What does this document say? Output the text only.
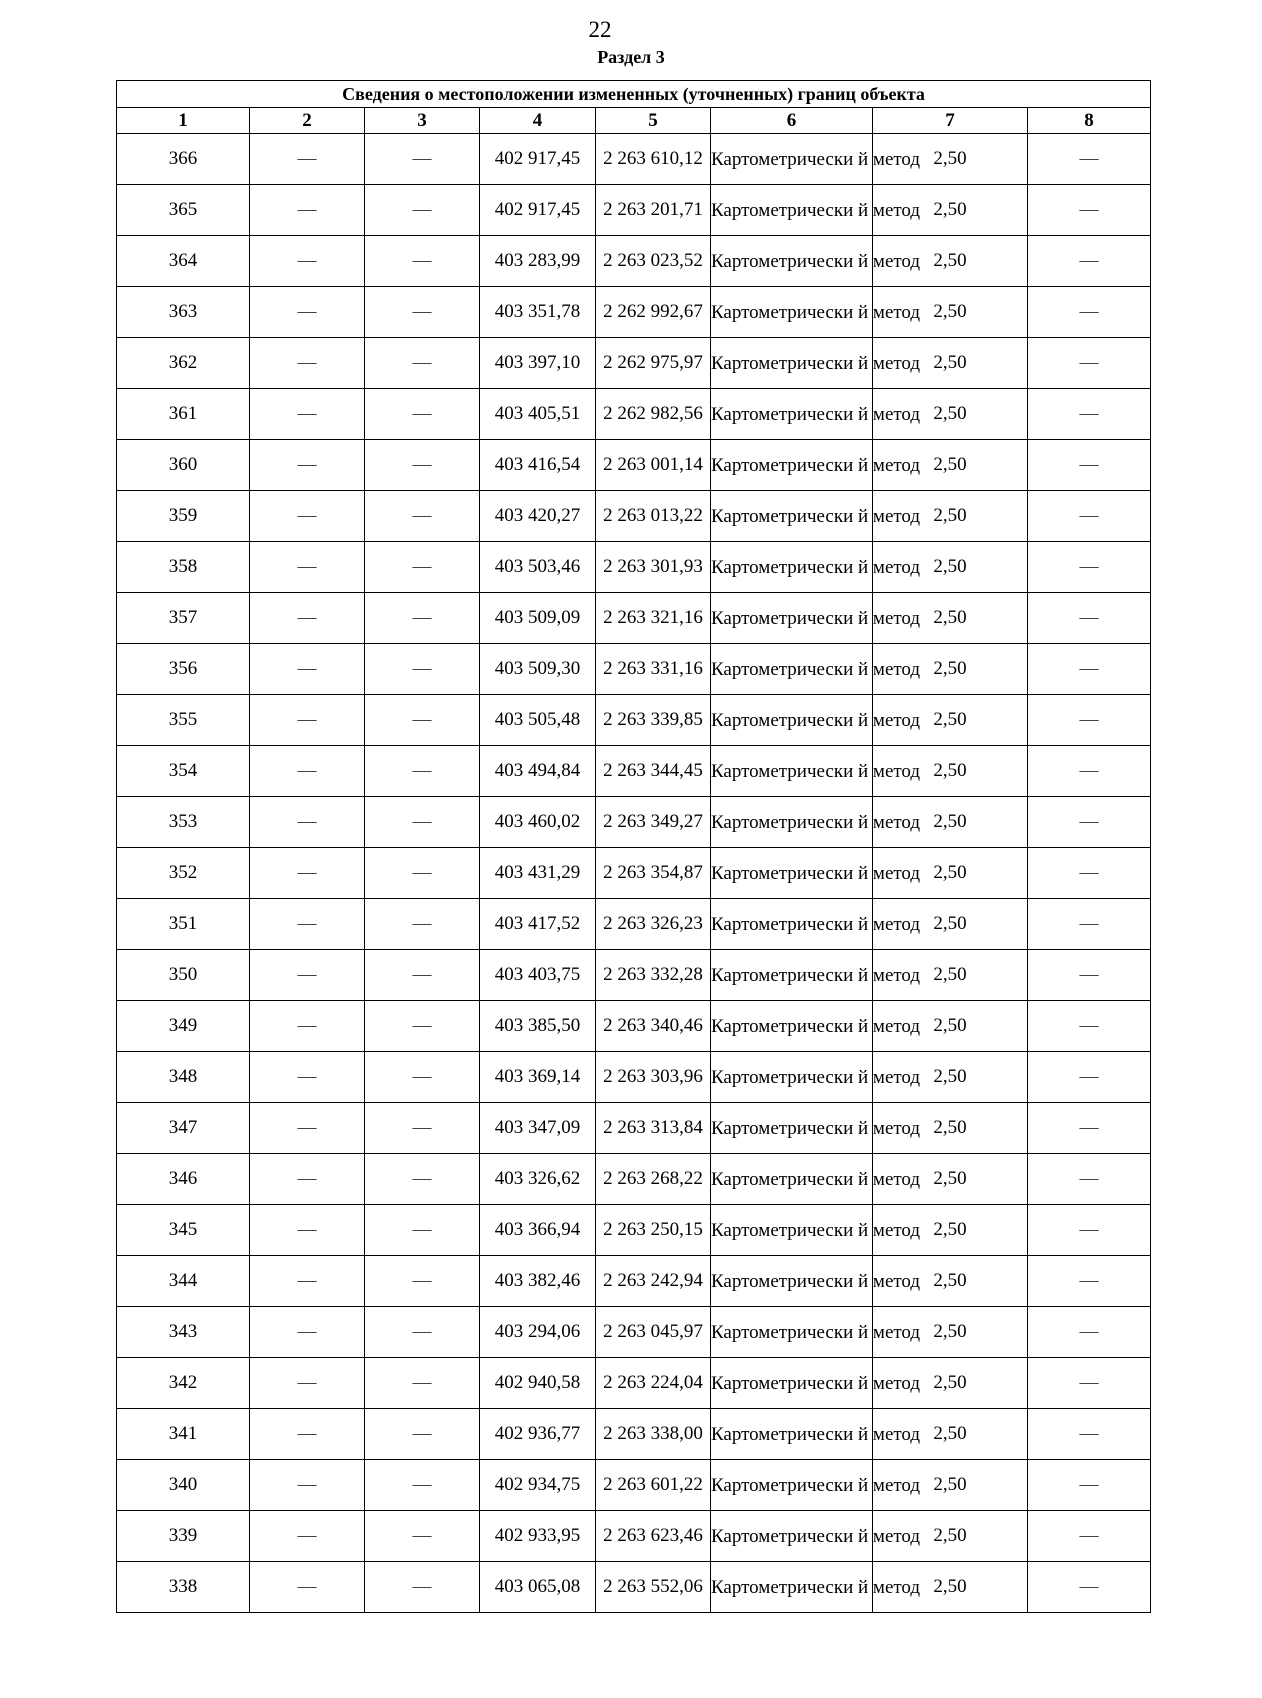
22
Раздел 3
Сведения о местоположении измененных (уточненных) границ объекта							
1	2	3	4	5	6	7	8
366	—	—	402 917,45	2 263 610,12	Картометрически й метод	2,50	—
365	—	—	402 917,45	2 263 201,71	Картометрически й метод	2,50	—
364	—	—	403 283,99	2 263 023,52	Картометрически й метод	2,50	—
363	—	—	403 351,78	2 262 992,67	Картометрически й метод	2,50	—
362	—	—	403 397,10	2 262 975,97	Картометрически й метод	2,50	—
361	—	—	403 405,51	2 262 982,56	Картометрически й метод	2,50	—
360	—	—	403 416,54	2 263 001,14	Картометрически й метод	2,50	—
359	—	—	403 420,27	2 263 013,22	Картометрически й метод	2,50	—
358	—	—	403 503,46	2 263 301,93	Картометрически й метод	2,50	—
357	—	—	403 509,09	2 263 321,16	Картометрически й метод	2,50	—
356	—	—	403 509,30	2 263 331,16	Картометрически й метод	2,50	—
355	—	—	403 505,48	2 263 339,85	Картометрически й метод	2,50	—
354	—	—	403 494,84	2 263 344,45	Картометрически й метод	2,50	—
353	—	—	403 460,02	2 263 349,27	Картометрически й метод	2,50	—
352	—	—	403 431,29	2 263 354,87	Картометрически й метод	2,50	—
351	—	—	403 417,52	2 263 326,23	Картометрически й метод	2,50	—
350	—	—	403 403,75	2 263 332,28	Картометрически й метод	2,50	—
349	—	—	403 385,50	2 263 340,46	Картометрически й метод	2,50	—
348	—	—	403 369,14	2 263 303,96	Картометрически й метод	2,50	—
347	—	—	403 347,09	2 263 313,84	Картометрически й метод	2,50	—
346	—	—	403 326,62	2 263 268,22	Картометрически й метод	2,50	—
345	—	—	403 366,94	2 263 250,15	Картометрически й метод	2,50	—
344	—	—	403 382,46	2 263 242,94	Картометрически й метод	2,50	—
343	—	—	403 294,06	2 263 045,97	Картометрически й метод	2,50	—
342	—	—	402 940,58	2 263 224,04	Картометрически й метод	2,50	—
341	—	—	402 936,77	2 263 338,00	Картометрически й метод	2,50	—
340	—	—	402 934,75	2 263 601,22	Картометрически й метод	2,50	—
339	—	—	402 933,95	2 263 623,46	Картометрически й метод	2,50	—
338	—	—	403 065,08	2 263 552,06	Картометрически й метод	2,50	—
